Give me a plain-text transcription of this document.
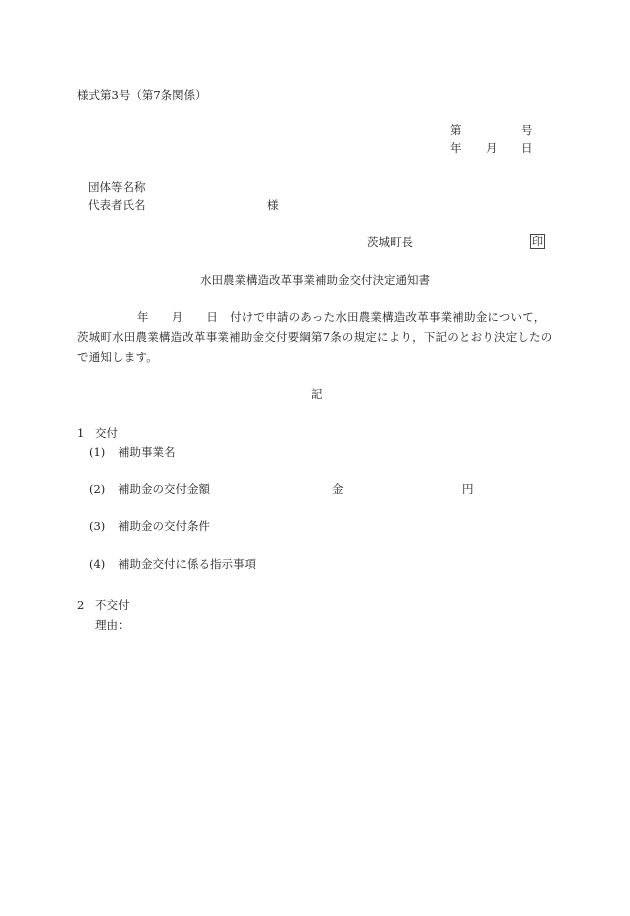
様式第3号（第7条関係）
第	号
年 月 日
団体等名称
代表者氏名	様
茨城町長	印
水田農業構造改革事業補助金交付決定通知書
年 月 日 付けで申請のあった水田農業構造改革事業補助金について，
茨城町水田農業構造改革事業補助金交付要綱第7条の規定により，下記のとおり決定したの
で通知します。
記
1 交付
(1) 補助事業名
(2) 補助金の交付金額	金	円
(3) 補助金の交付条件
(4) 補助金交付に係る指示事項
2 不交付
理由：
